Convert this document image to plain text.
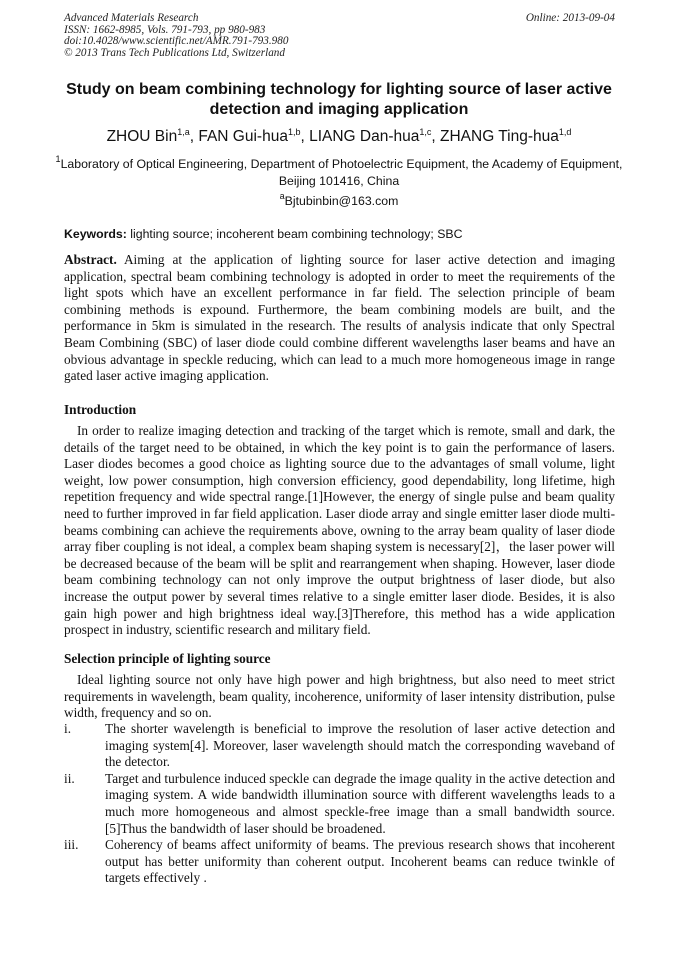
Advanced Materials Research
ISSN: 1662-8985, Vols. 791-793, pp 980-983
doi:10.4028/www.scientific.net/AMR.791-793.980
© 2013 Trans Tech Publications Ltd, Switzerland
Online: 2013-09-04
Study on beam combining technology for lighting source of laser active detection and imaging application
ZHOU Bin$^{1,a}$, FAN Gui-hua$^{1,b}$, LIANG Dan-hua$^{1,c}$, ZHANG Ting-hua$^{1,d}$
$^1$Laboratory of Optical Engineering, Department of Photoelectric Equipment, the Academy of Equipment, Beijing 101416, China
$^a$Bjtubinbin@163.com
Keywords: lighting source; incoherent beam combining technology; SBC
Abstract. Aiming at the application of lighting source for laser active detection and imaging application, spectral beam combining technology is adopted in order to meet the requirements of the light spots which have an excellent performance in far field. The selection principle of beam combining methods is expound. Furthermore, the beam combining models are built, and the performance in 5km is simulated in the research. The results of analysis indicate that only Spectral Beam Combining (SBC) of laser diode could combine different wavelengths laser beams and have an obvious advantage in speckle reducing, which can lead to a much more homogeneous image in range gated laser active imaging application.
Introduction
In order to realize imaging detection and tracking of the target which is remote, small and dark, the details of the target need to be obtained, in which the key point is to gain the performance of lasers. Laser diodes becomes a good choice as lighting source due to the advantages of small volume, light weight, low power consumption, high conversion efficiency, good dependability, long lifetime, high repetition frequency and wide spectral range.[1]However, the energy of single pulse and beam quality need to further improved in far field application. Laser diode array and single emitter laser diode multi-beams combining can achieve the requirements above, owning to the array beam quality of laser diode array fiber coupling is not ideal, a complex beam shaping system is necessary[2]，the laser power will be decreased because of the beam will be split and rearrangement when shaping. However, laser diode beam combining technology can not only improve the output brightness of laser diode, but also increase the output power by several times relative to a single emitter laser diode. Besides, it is also gain high power and high brightness ideal way.[3]Therefore, this method has a wide application prospect in industry, scientific research and military field.
Selection principle of lighting source
Ideal lighting source not only have high power and high brightness, but also need to meet strict requirements in wavelength, beam quality, incoherence, uniformity of laser intensity distribution, pulse width, frequency and so on.
i.	The shorter wavelength is beneficial to improve the resolution of laser active detection and imaging system[4]. Moreover, laser wavelength should match the corresponding waveband of the detector.
ii.	Target and turbulence induced speckle can degrade the image quality in the active detection and imaging system. A wide bandwidth illumination source with different wavelengths leads to a much more homogeneous and almost speckle-free image than a small bandwidth source.[5]Thus the bandwidth of laser should be broadened.
iii.	Coherency of beams affect uniformity of beams. The previous research shows that incoherent output has better uniformity than coherent output. Incoherent beams can reduce twinkle of targets effectively .
